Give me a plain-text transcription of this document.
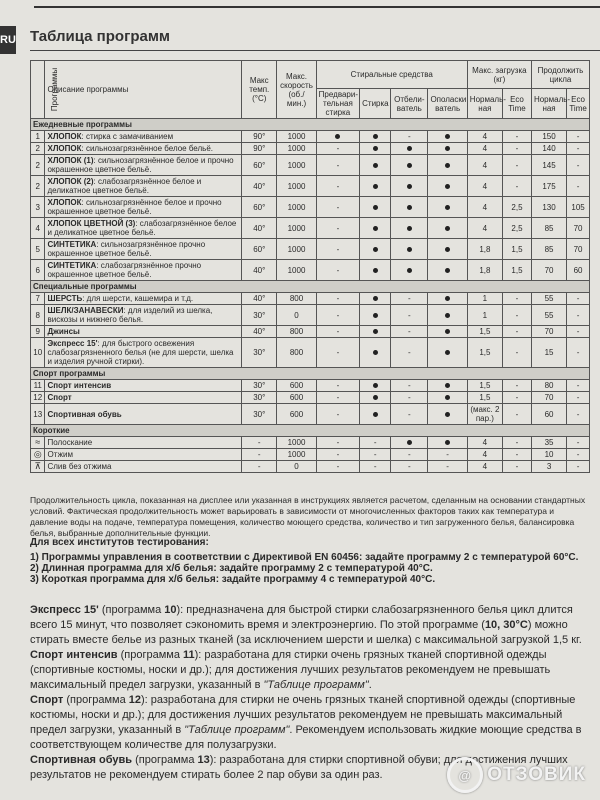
RU Таблица программ
Программы	Описание программы	Макс темп. (°C)	Макс. скорость (об./ мин.)	Стиральные средства				Макс. загрузка (кг)		Продолжить цикла	
				Предвари- тельная стирка	Стирка	Отбели- ватель	Ополаски ватель	Нормаль- ная	Eco Time	Нормаль- ная	Eco Time
Ежедневные программы											
1	ХЛОПОК: стирка с замачиванием	90°	1000			-		4	-	150	-
2	ХЛОПОК: сильнозагрязнённое белое бельё.	90°	1000	-				4	-	140	-
2	ХЛОПОК (1): сильнозагрязнённое белое и прочно окрашенное цветное бельё.	60°	1000	-				4	-	145	-
2	ХЛОПОК (2): слабозагрязнённое белое и деликатное цветное бельё.	40°	1000	-				4	-	175	-
3	ХЛОПОК: сильнозагрязнённое белое и прочно окрашенное цветное бельё.	60°	1000	-				4	2,5	130	105
4	ХЛОПОК ЦВЕТНОЙ (3): слабозагрязнённое белое и деликатное цветное бельё.	40°	1000	-				4	2,5	85	70
5	СИНТЕТИКА: сильнозагрязнённое прочно окрашенное цветное бельё.	60°	1000	-				1,8	1,5	85	70
6	СИНТЕТИКА: слабозагрязнённое прочно окрашенное цветное бельё.	40°	1000	-				1,8	1,5	70	60
Специальные программы											
7	ШЕРСТЬ: для шерсти, кашемира и т.д.	40°	800	-		-		1	-	55	-
8	ШЕЛК/ЗАНАВЕСКИ: для изделий из шелка, вискозы и нижнего белья.	30°	0	-		-		1	-	55	-
9	Джинсы	40°	800	-		-		1,5	-	70	-
10	Экспресс 15': для быстрого освежения слабозагрязненного белья (не для шерсти, шелка и изделия ручной стирки).	30°	800	-		-		1,5	-	15	-
Спорт программы											
11	Спорт интенсив	30°	600	-		-		1,5	-	80	-
12	Спорт	30°	600	-		-		1,5	-	70	-
13	Спортивная обувь	30°	600	-		-		(макс. 2 пар.)	-	60	-
Короткие											
≈	Полоскание	-	1000	-	-			4	-	35	-
◎	Отжим	-	1000	-	-	-	-	4	-	10	-
⊼	Слив без отжима	-	0	-	-	-	-	4	-	3	-
Продолжительность цикла, показанная на дисплее или указанная в инструкциях является расчетом, сделанным на основании стандартных условий. Фактическая продолжительность может варьировать в зависимости от многочисленных факторов таких как температура и давление воды на подаче, температура помещения, количество моющего средства, количество и тип загруженного белья, балансировка белья, выбранные дополнительные функции.
Для всех институтов тестирования:
1) Программы управления в соответствии с Директивой EN 60456: задайте программу 2 с температурой 60°С.
2) Длинная программа для х/б белья: задайте программу 2 с температурой 40°С.
3) Короткая программа для х/б белья: задайте программу 4 с температурой 40°С.

Экспресс 15' (программа 10): предназначена для быстрой стирки слабозагрязненного белья цикл длится всего 15 минут, что позволяет сэкономить время и электроэнергию. По этой программе (10, 30°С) можно стирать вместе белье из разных тканей (за исключением шерсти и шелка) с максимальной загрузкой 1,5 кг.

Спорт интенсив (программа 11): разработана для стирки очень грязных тканей спортивной одежды (спортивные костюмы, носки и др.); для достижения лучших результатов рекомендуем не превышать максимальный предел загрузки, указанный в "Таблице программ".

Спорт (программа 12): разработана для стирки не очень грязных тканей спортивной одежды (спортивные костюмы, носки и др.); для достижения лучших результатов рекомендуем не превышать максимальный предел загрузки, указанный в "Таблице программ". Рекомендуем использовать жидкие моющие средства в соответствующем количестве для полузагрузки.

Спортивная обувь (программа 13): разработана для стирки спортивной обуви; для достижения лучших результатов не рекомендуем стирать более 2 пар обуви за один раз.	@ ОТЗОВИК
